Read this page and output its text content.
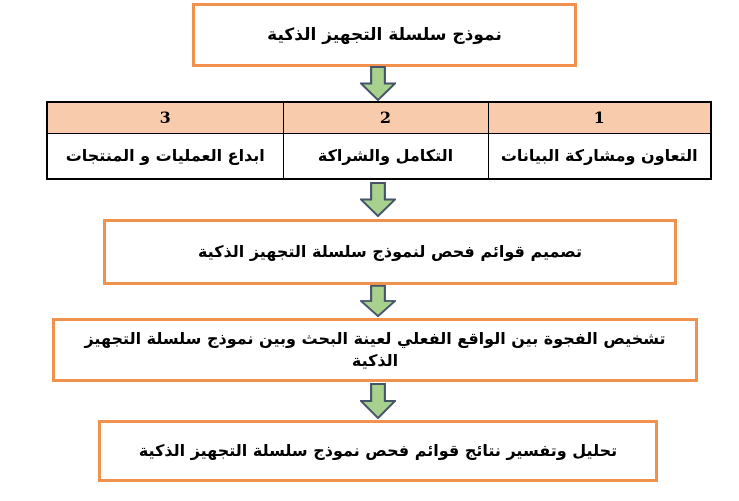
نموذج سلسلة التجهيز الذكية
1	2	3
التعاون ومشاركة البيانات	التكامل والشراكة	ابداع العمليات و المنتجات
تصميم قوائم فحص لنموذج سلسلة التجهيز الذكية
تشخيص الفجوة بين الواقع الفعلي لعينة البحث وبين نموذج سلسلة التجهيز الذكية
تحليل وتفسير نتائج قوائم فحص نموذج سلسلة التجهيز الذكية
